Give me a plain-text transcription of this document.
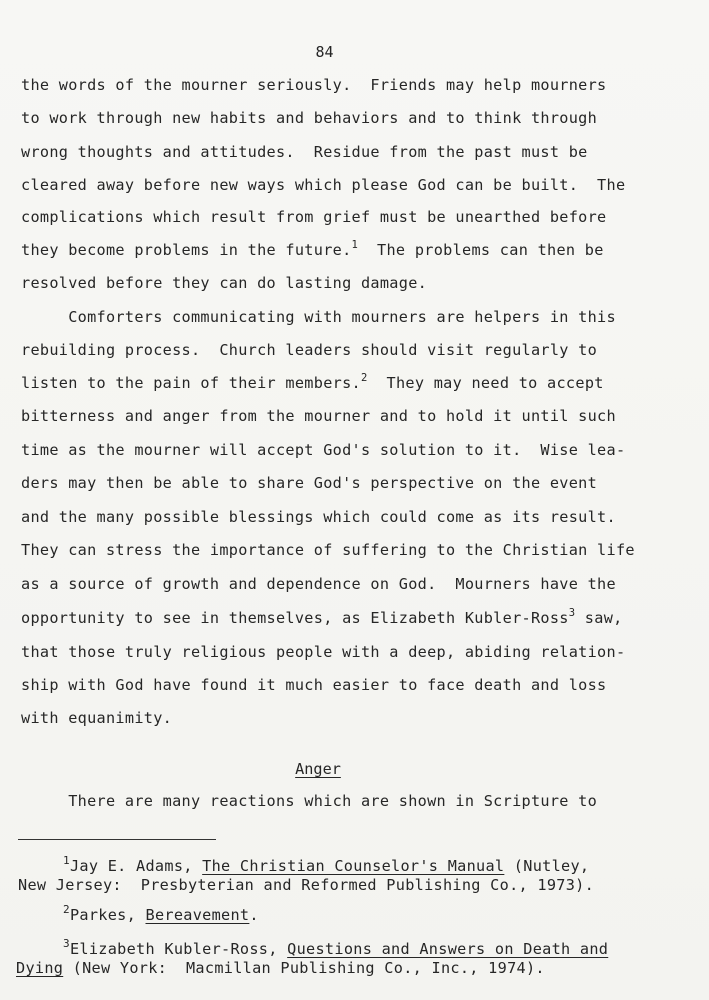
84
the words of the mourner seriously.  Friends may help mourners
to work through new habits and behaviors and to think through
wrong thoughts and attitudes.  Residue from the past must be
cleared away before new ways which please God can be built.  The
complications which result from grief must be unearthed before
they become problems in the future.$^1$  The problems can then be
resolved before they can do lasting damage.
Comforters communicating with mourners are helpers in this
rebuilding process.  Church leaders should visit regularly to
listen to the pain of their members.$^2$  They may need to accept
bitterness and anger from the mourner and to hold it until such
time as the mourner will accept God's solution to it.  Wise lea-
ders may then be able to share God's perspective on the event
and the many possible blessings which could come as its result.
They can stress the importance of suffering to the Christian life
as a source of growth and dependence on God.  Mourners have the
opportunity to see in themselves, as Elizabeth Kubler-Ross$^3$ saw,
that those truly religious people with a deep, abiding relation-
ship with God have found it much easier to face death and loss
with equanimity.
Anger
There are many reactions which are shown in Scripture to
$^1$Jay E. Adams, The Christian Counselor's Manual (Nutley,
New Jersey:  Presbyterian and Reformed Publishing Co., 1973).
$^2$Parkes, Bereavement.
$^3$Elizabeth Kubler-Ross, Questions and Answers on Death and
Dying (New York:  Macmillan Publishing Co., Inc., 1974).
